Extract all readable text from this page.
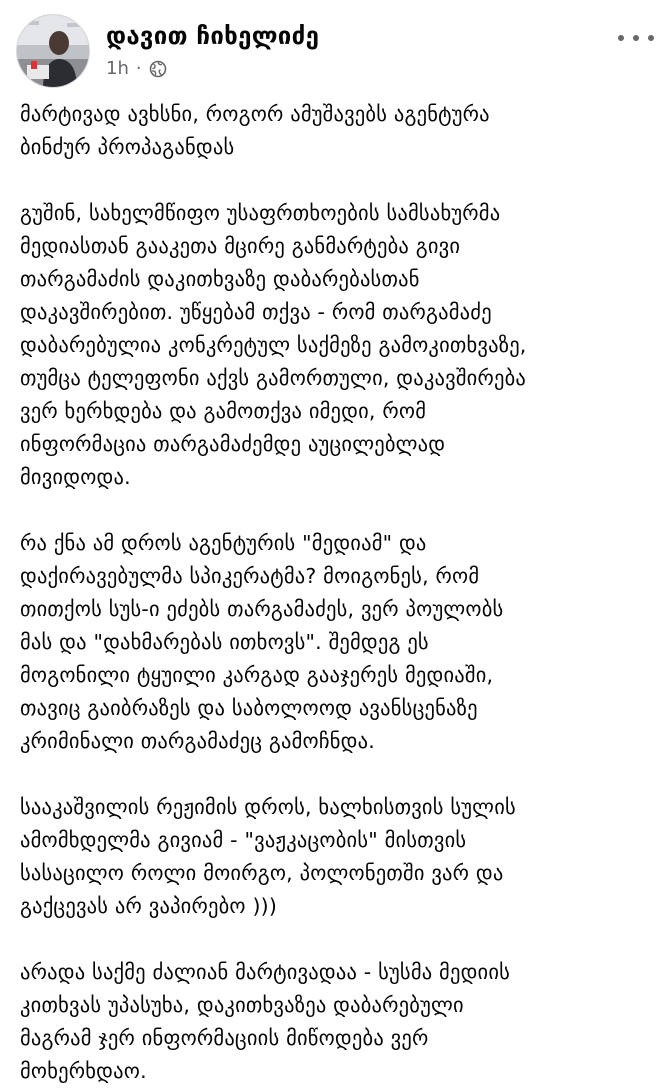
დავით ჩიხელიძე
1h ·

მარტივად ავხსნი, როგორ ამუშავებს აგენტურა
ბინძურ პროპაგანდას

გუშინ, სახელმწიფო უსაფრთხოების სამსახურმა
მედიასთან გააკეთა მცირე განმარტება გივი
თარგამაძის დაკითხვაზე დაბარებასთან
დაკავშირებით. უწყებამ თქვა - რომ თარგამაძე
დაბარებულია კონკრეტულ საქმეზე გამოკითხვაზე,
თუმცა ტელეფონი აქვს გამორთული, დაკავშირება
ვერ ხერხდება და გამოთქვა იმედი, რომ
ინფორმაცია თარგამაძემდე აუცილებლად
მივიდოდა.

რა ქნა ამ დროს აგენტურის "მედიამ" და
დაქირავებულმა სპიკერატმა? მოიგონეს, რომ
თითქოს სუს-ი ეძებს თარგამაძეს, ვერ პოულობს
მას და "დახმარებას ითხოვს". შემდეგ ეს
მოგონილი ტყუილი კარგად გააჯერეს მედიაში,
თავიც გაიბრაზეს და საბოლოოდ ავანსცენაზე
კრიმინალი თარგამაძეც გამოჩნდა.

სააკაშვილის რეჟიმის დროს, ხალხისთვის სულის
ამომხდელმა გივიამ - "ვაჟკაცობის" მისთვის
სასაცილო როლი მოირგო, პოლონეთში ვარ და
გაქცევას არ ვაპირებო )))

არადა საქმე ძალიან მარტივადაა - სუსმა მედიის
კითხვას უპასუხა, დაკითხვაზეა დაბარებული
მაგრამ ჯერ ინფორმაციის მიწოდება ვერ
მოხერხდაო.
